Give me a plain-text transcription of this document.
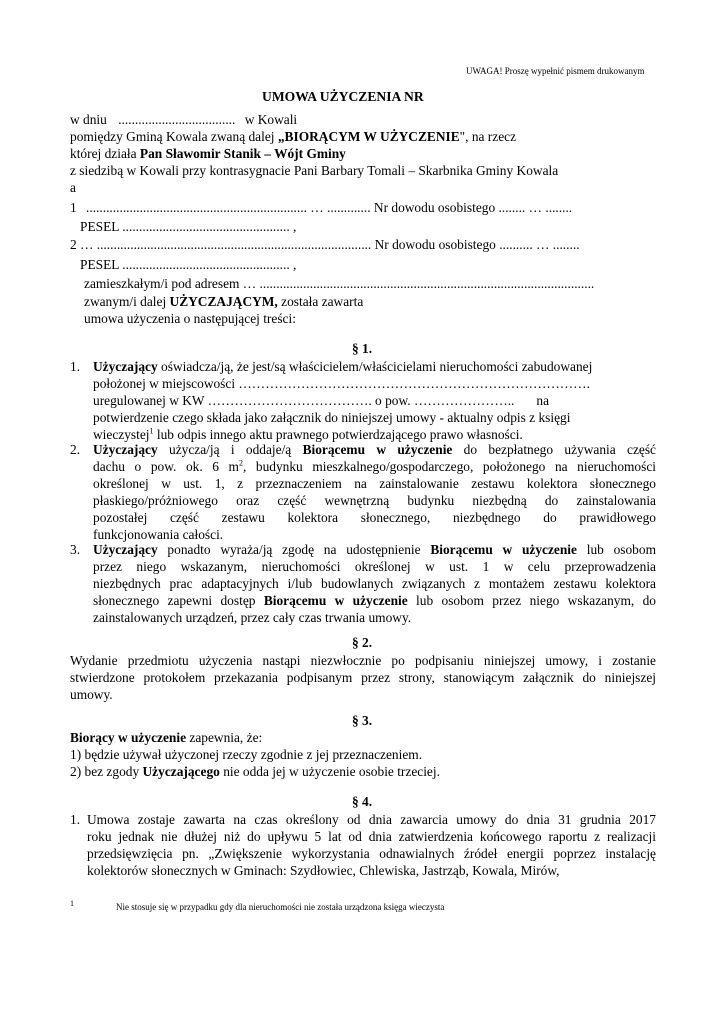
UWAGA! Proszę wypełnić pismem drukowanym
UMOWA UŻYCZENIA NR
w dniu ................................... w Kowali
pomiędzy Gminą Kowala zwaną dalej „BIORĄCYM W UŻYCZENIE", na rzecz
której działa Pan Sławomir Stanik – Wójt Gminy
z siedzibą w Kowali przy kontrasygnacie Pani Barbary Tomali – Skarbnika Gminy Kowala
a
1 .................................................................. … ............. Nr dowodu osobistego ........ … ........
PESEL .................................................. ,
2 … .................................................................................. Nr dowodu osobistego .......... … ........
PESEL .................................................. ,
zamieszkałym/i pod adresem … ....................................................................................................
zwanym/i dalej UŻYCZAJĄCYM, została zawarta
umowa użyczenia o następującej treści:
§ 1.
1. Użyczający oświadcza/ją, że jest/są właścicielem/właścicielami nieruchomości zabudowanej
położonej w miejscowości …………………………………………………………………….
uregulowanej w KW ………………………………. o pow. ………………….. na
potwierdzenie czego składa jako załącznik do niniejszej umowy - aktualny odpis z księgi
wieczystej$^1$ lub odpis innego aktu prawnego potwierdzającego prawo własności.
2. Użyczający użycza/ją i oddaje/ą Biorącemu w użyczenie do bezpłatnego używania część
dachu o pow. ok. 6 $m^2$, budynku mieszkalnego/gospodarczego, położonego na nieruchomości
określonej w ust. 1, z przeznaczeniem na zainstalowanie zestawu kolektora słonecznego
płaskiego/próżniowego oraz część wewnętrzną budynku niezbędną do zainstalowania
pozostałej część zestawu kolektora słonecznego, niezbędnego do prawidłowego
funkcjonowania całości.
3. Użyczający ponadto wyraża/ją zgodę na udostępnienie Biorącemu w użyczenie lub osobom
przez niego wskazanym, nieruchomości określonej w ust. 1 w celu przeprowadzenia
niezbędnych prac adaptacyjnych i/lub budowlanych związanych z montażem zestawu kolektora
słonecznego zapewni dostęp Biorącemu w użyczenie lub osobom przez niego wskazanym, do
zainstalowanych urządzeń, przez cały czas trwania umowy.
§ 2.
Wydanie przedmiotu użyczenia nastąpi niezwłocznie po podpisaniu niniejszej umowy, i zostanie
stwierdzone protokołem przekazania podpisanym przez strony, stanowiącym załącznik do niniejszej
umowy.
§ 3.
Biorący w użyczenie zapewnia, że:
1) będzie używał użyczonej rzeczy zgodnie z jej przeznaczeniem.
2) bez zgody Użyczającego nie odda jej w użyczenie osobie trzeciej.
§ 4.
1. Umowa zostaje zawarta na czas określony od dnia zawarcia umowy do dnia 31 grudnia 2017
roku jednak nie dłużej niż do upływu 5 lat od dnia zatwierdzenia końcowego raportu z realizacji
przedsięwzięcia pn. „Zwiększenie wykorzystania odnawialnych źródeł energii poprzez instalację
kolektorów słonecznych w Gminach: Szydłowiec, Chlewiska, Jastrząb, Kowala, Mirów,
1	Nie stosuje się w przypadku gdy dla nieruchomości nie została urządzona księga wieczysta
